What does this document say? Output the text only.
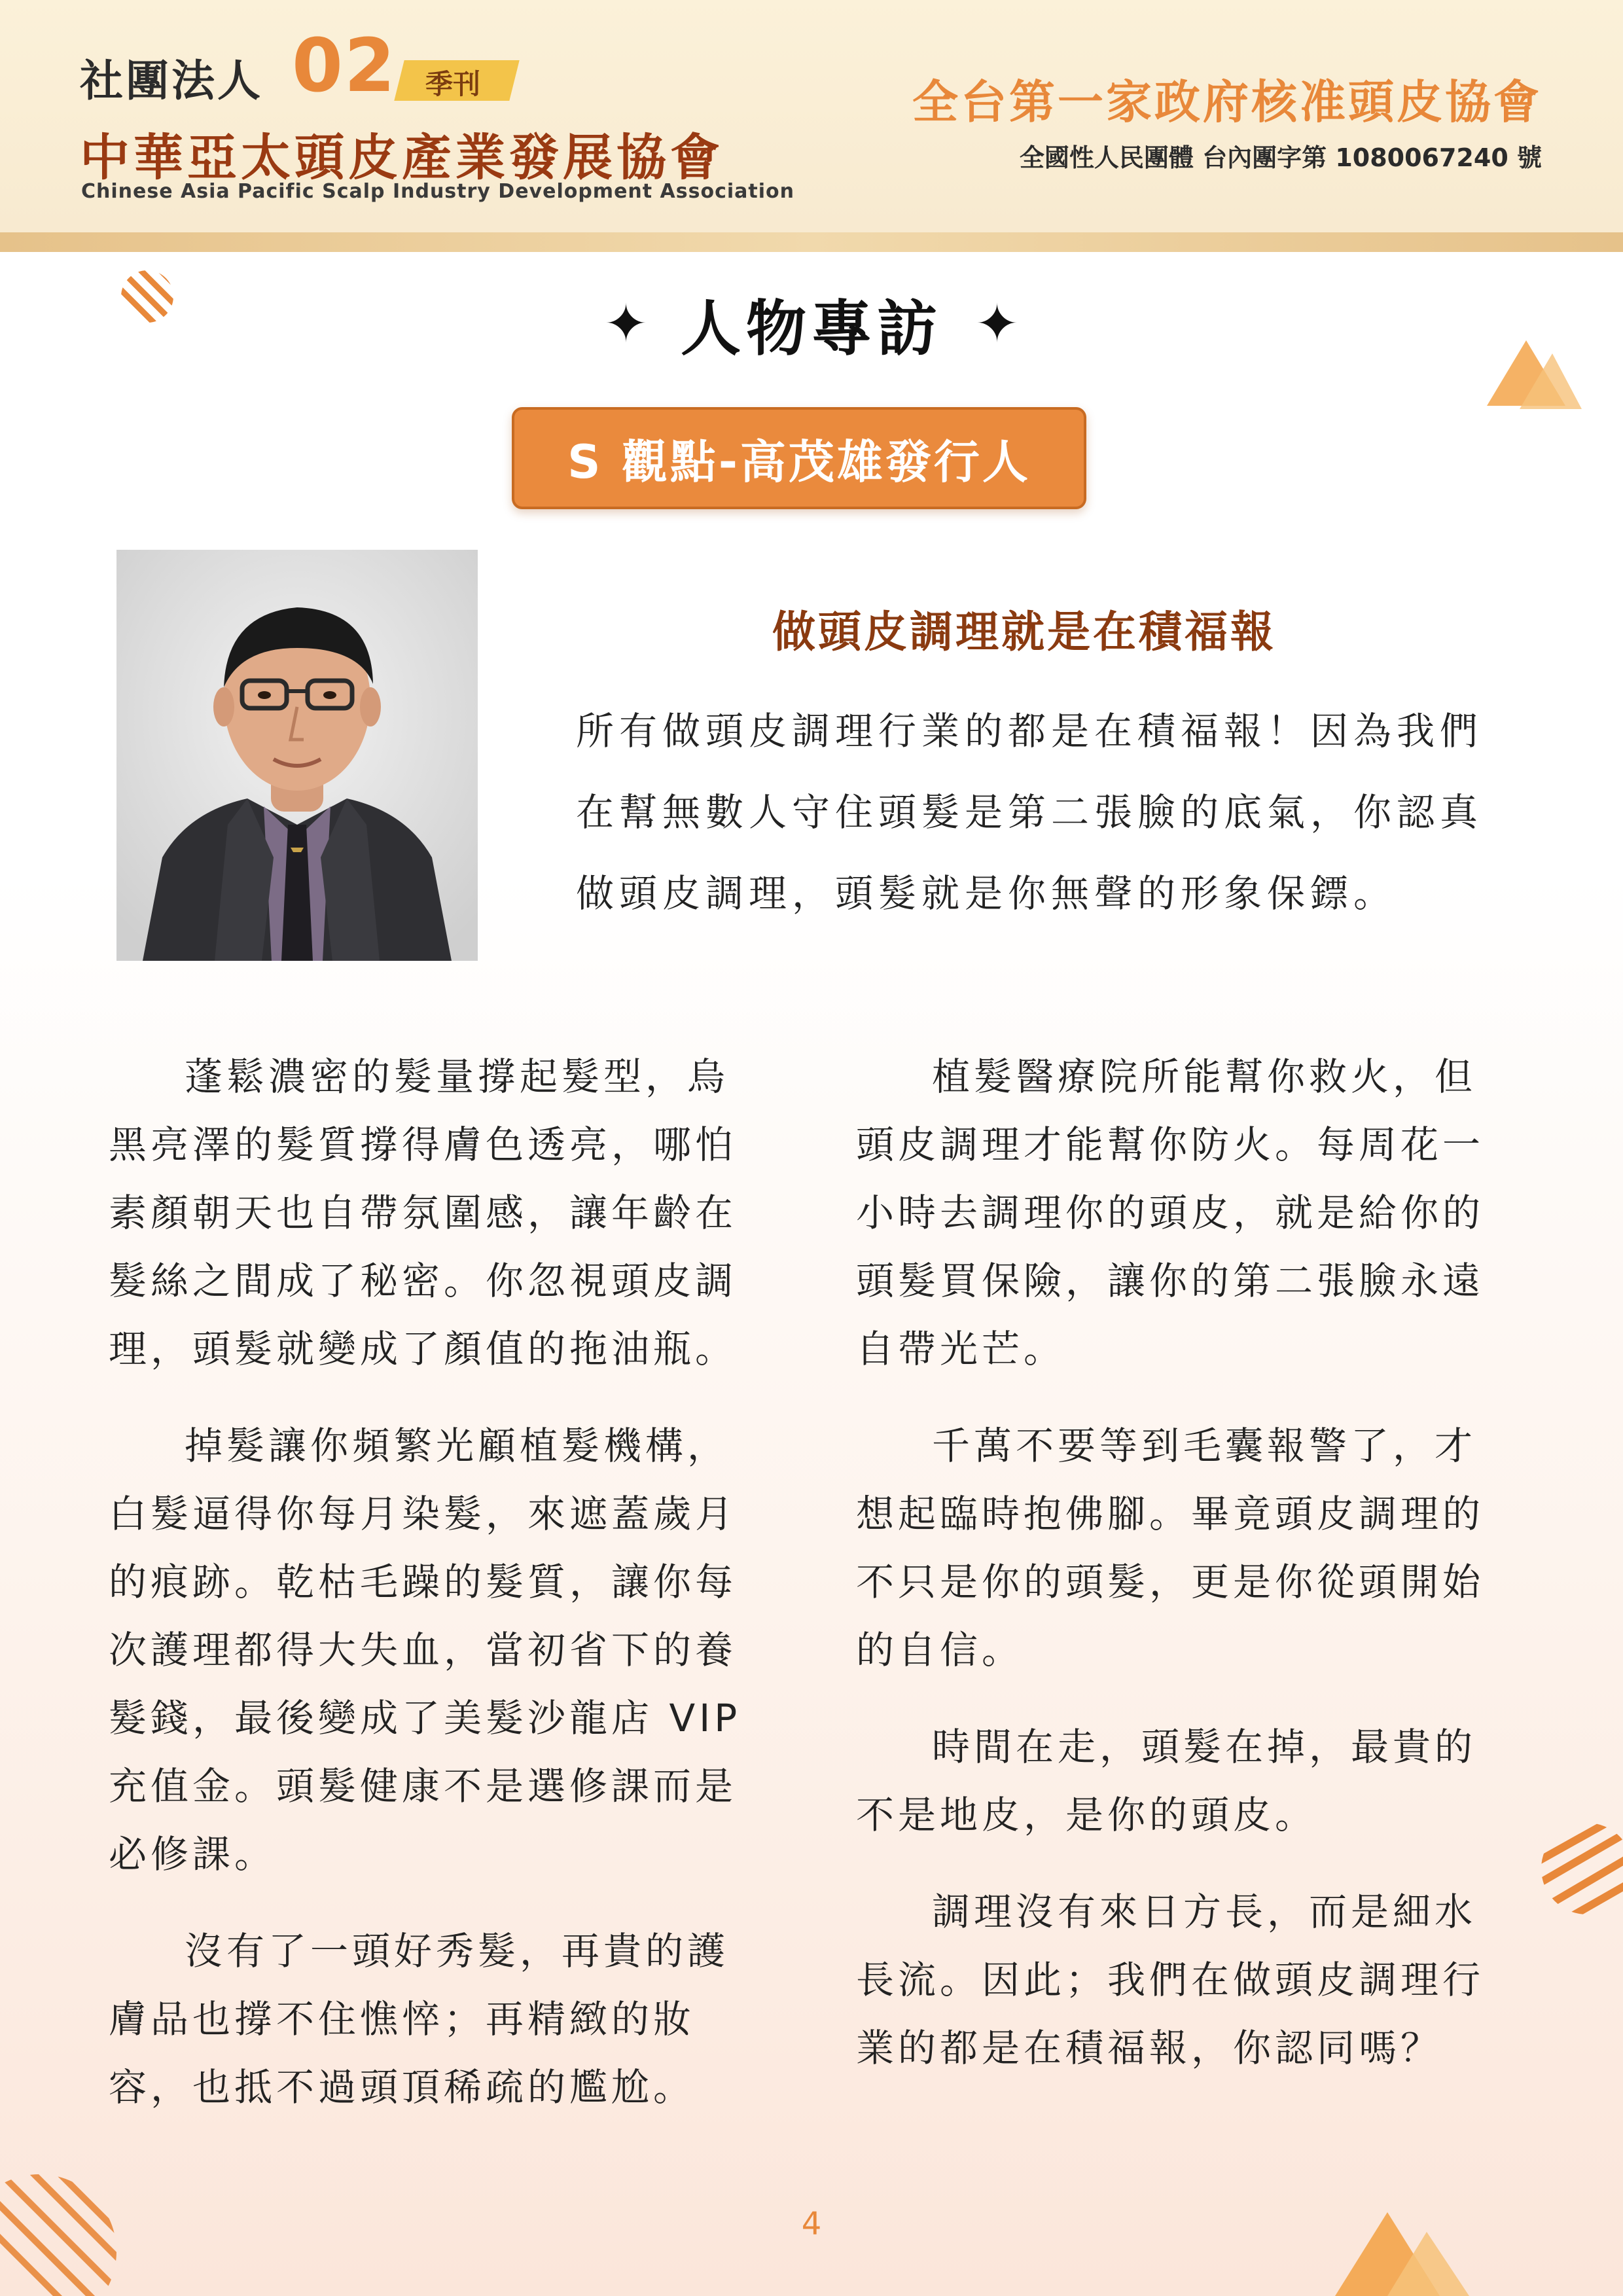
社團法人 02 季刊
中華亞太頭皮產業發展協會
Chinese Asia Pacific Scalp Industry Development Association
全台第一家政府核准頭皮協會
全國性人民團體 台內團字第 1080067240 號
✦ 人物專訪 ✦
S 觀點-高茂雄發行人
做頭皮調理就是在積福報
所有做頭皮調理行業的都是在積福報！因為我們在幫無數人守住頭髮是第二張臉的底氣，你認真做頭皮調理，頭髮就是你無聲的形象保鏢。

蓬鬆濃密的髮量撐起髮型，烏黑亮澤的髮質撐得膚色透亮，哪怕素顏朝天也自帶氛圍感，讓年齡在髮絲之間成了秘密。你忽視頭皮調理，頭髮就變成了顏值的拖油瓶。

掉髮讓你頻繁光顧植髮機構，白髮逼得你每月染髮，來遮蓋歲月的痕跡。乾枯毛躁的髮質，讓你每次護理都得大失血，當初省下的養髮錢，最後變成了美髮沙龍店 VIP 充值金。頭髮健康不是選修課而是必修課。

沒有了一頭好秀髮，再貴的護膚品也撐不住憔悴；再精緻的妝容，也抵不過頭頂稀疏的尷尬。

植髮醫療院所能幫你救火，但頭皮調理才能幫你防火。每周花一小時去調理你的頭皮，就是給你的頭髮買保險，讓你的第二張臉永遠自帶光芒。

千萬不要等到毛囊報警了，才想起臨時抱佛腳。畢竟頭皮調理的不只是你的頭髮，更是你從頭開始的自信。

時間在走，頭髮在掉，最貴的不是地皮，是你的頭皮。

調理沒有來日方長，而是細水長流。因此；我們在做頭皮調理行業的都是在積福報，你認同嗎？

4
